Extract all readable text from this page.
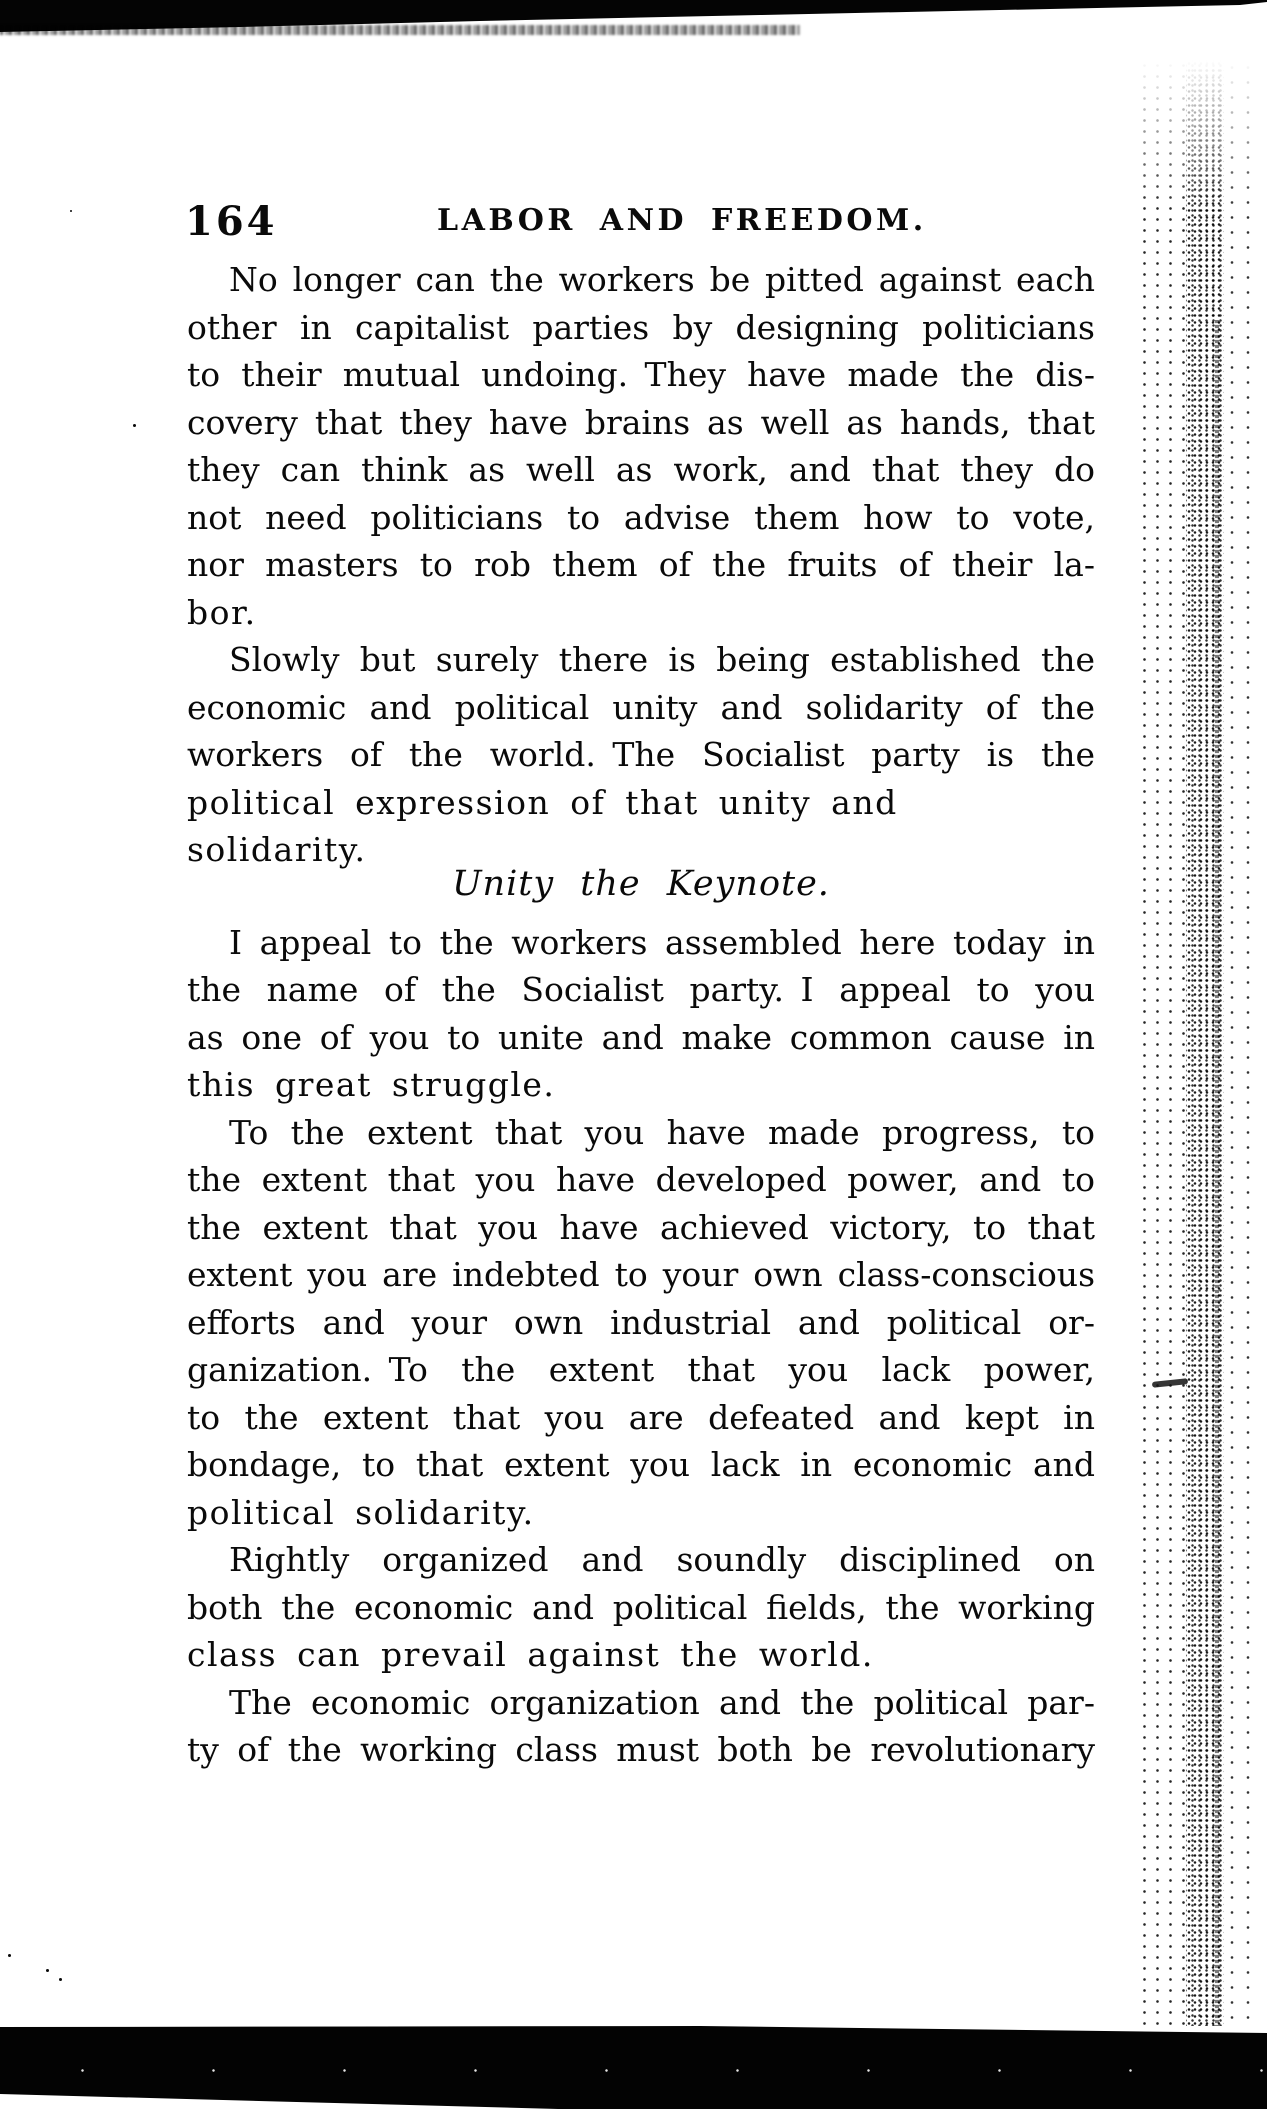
164	LABOR AND FREEDOM.
No longer can the workers be pitted against each
other in capitalist parties by designing politicians
to their mutual undoing. They have made the dis-
covery that they have brains as well as hands, that
they can think as well as work, and that they do
not need politicians to advise them how to vote,
nor masters to rob them of the fruits of their la-
bor.
Slowly but surely there is being established the
economic and political unity and solidarity of the
workers of the world. The Socialist party is the
political expression of that unity and solidarity.
Unity the Keynote.
I appeal to the workers assembled here today in
the name of the Socialist party. I appeal to you
as one of you to unite and make common cause in
this great struggle.
To the extent that you have made progress, to
the extent that you have developed power, and to
the extent that you have achieved victory, to that
extent you are indebted to your own class-conscious
efforts and your own industrial and political or-
ganization. To the extent that you lack power,
to the extent that you are defeated and kept in
bondage, to that extent you lack in economic and
political solidarity.
Rightly organized and soundly disciplined on
both the economic and political fields, the working
class can prevail against the world.
The economic organization and the political par-
ty of the working class must both be revolutionary
